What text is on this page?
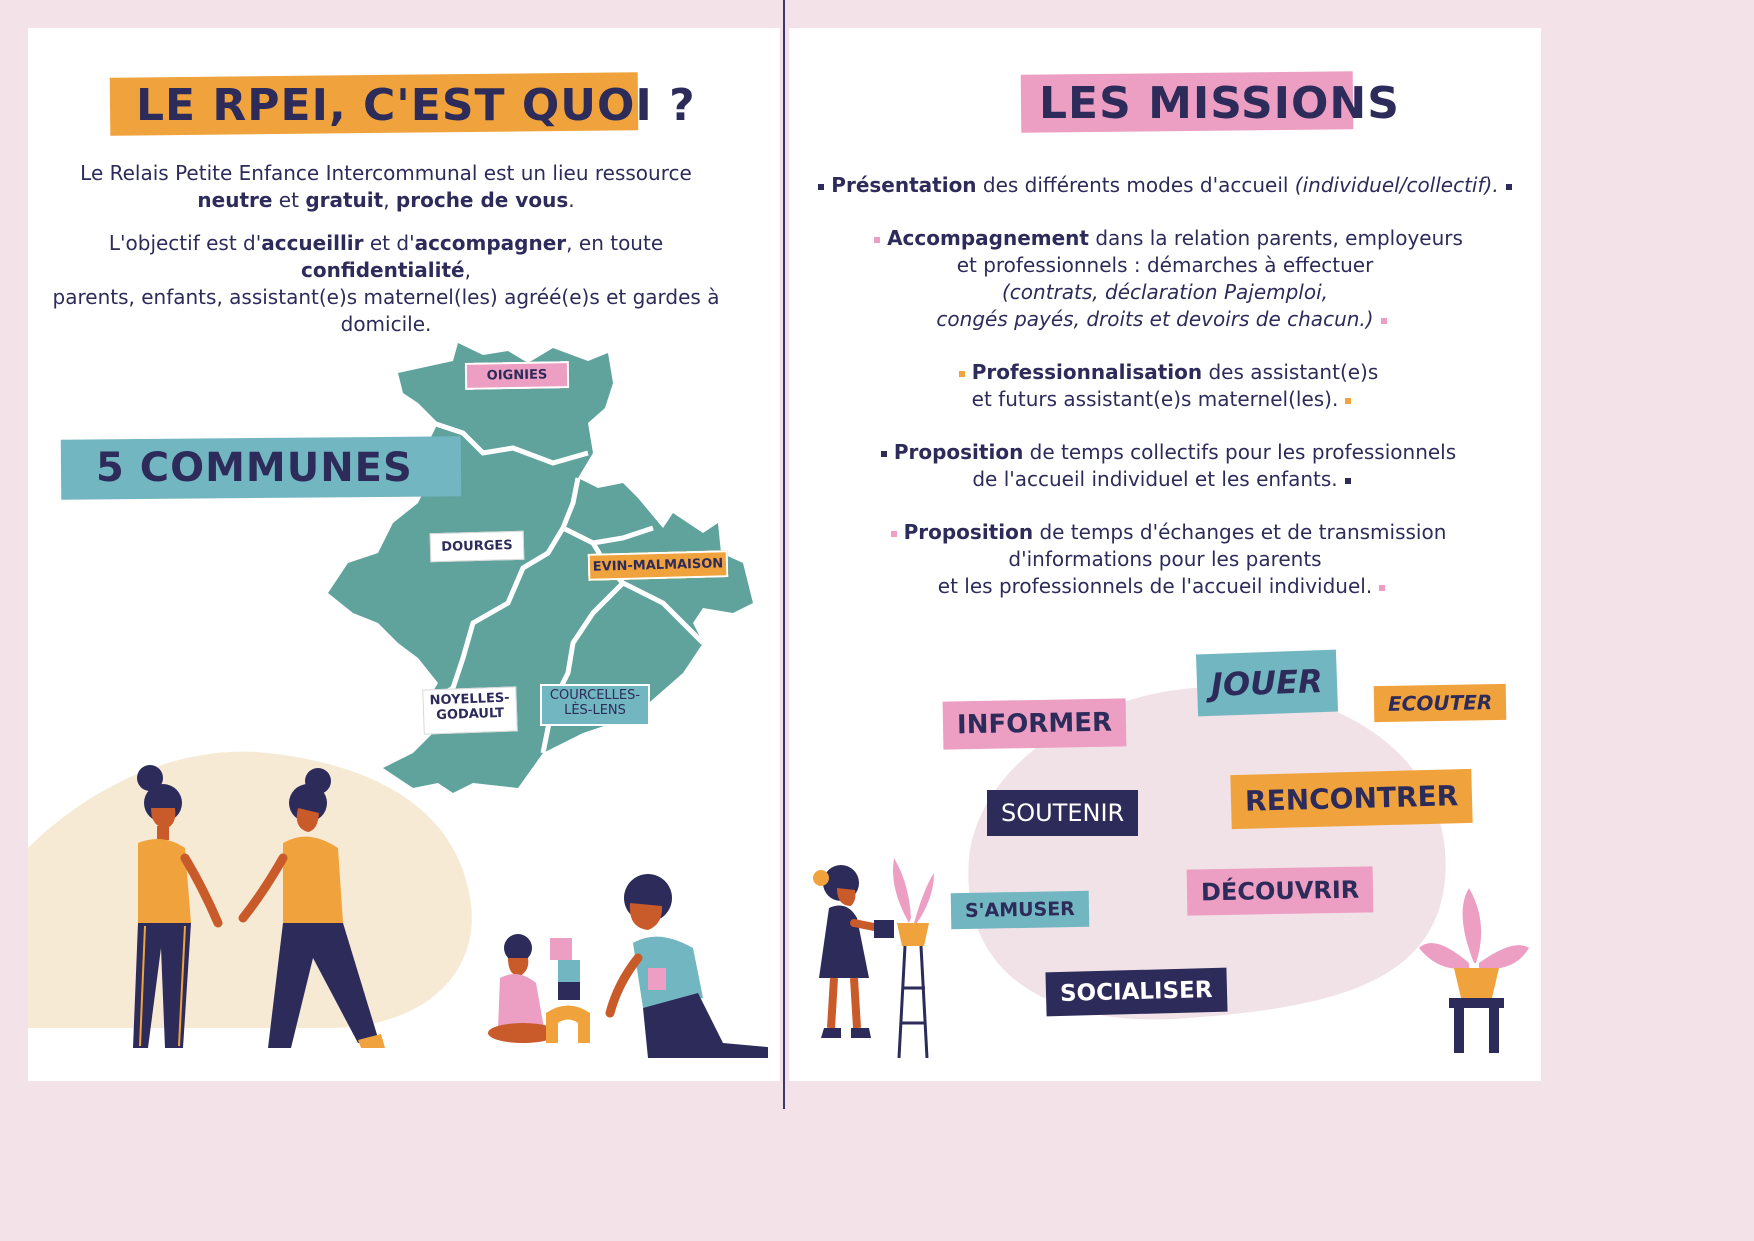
LE RPEI, C'EST QUOI ?
Le Relais Petite Enfance Intercommunal est un lieu ressource
neutre et gratuit, proche de vous.
L'objectif est d'accueillir et d'accompagner, en toute confidentialité,
parents, enfants, assistant(e)s maternel(les) agréé(e)s et gardes à domicile.
OIGNIES
DOURGES
EVIN-MALMAISON
NOYELLES-
GODAULT
COURCELLES-
LÈS-LENS
5 COMMUNES
LES MISSIONS
Présentation des différents modes d'accueil (individuel/collectif).
Accompagnement dans la relation parents, employeurs
et professionnels : démarches à effectuer
(contrats, déclaration Pajemploi,
congés payés, droits et devoirs de chacun.)
Professionnalisation des assistant(e)s
et futurs assistant(e)s maternel(les).
Proposition de temps collectifs pour les professionnels
de l'accueil individuel et les enfants.
Proposition de temps d'échanges et de transmission
d'informations pour les parents
et les professionnels de l'accueil individuel.
JOUER	ECOUTER
INFORMER
SOUTENIR	RENCONTRER
DÉCOUVRIR
S'AMUSER
SOCIALISER
